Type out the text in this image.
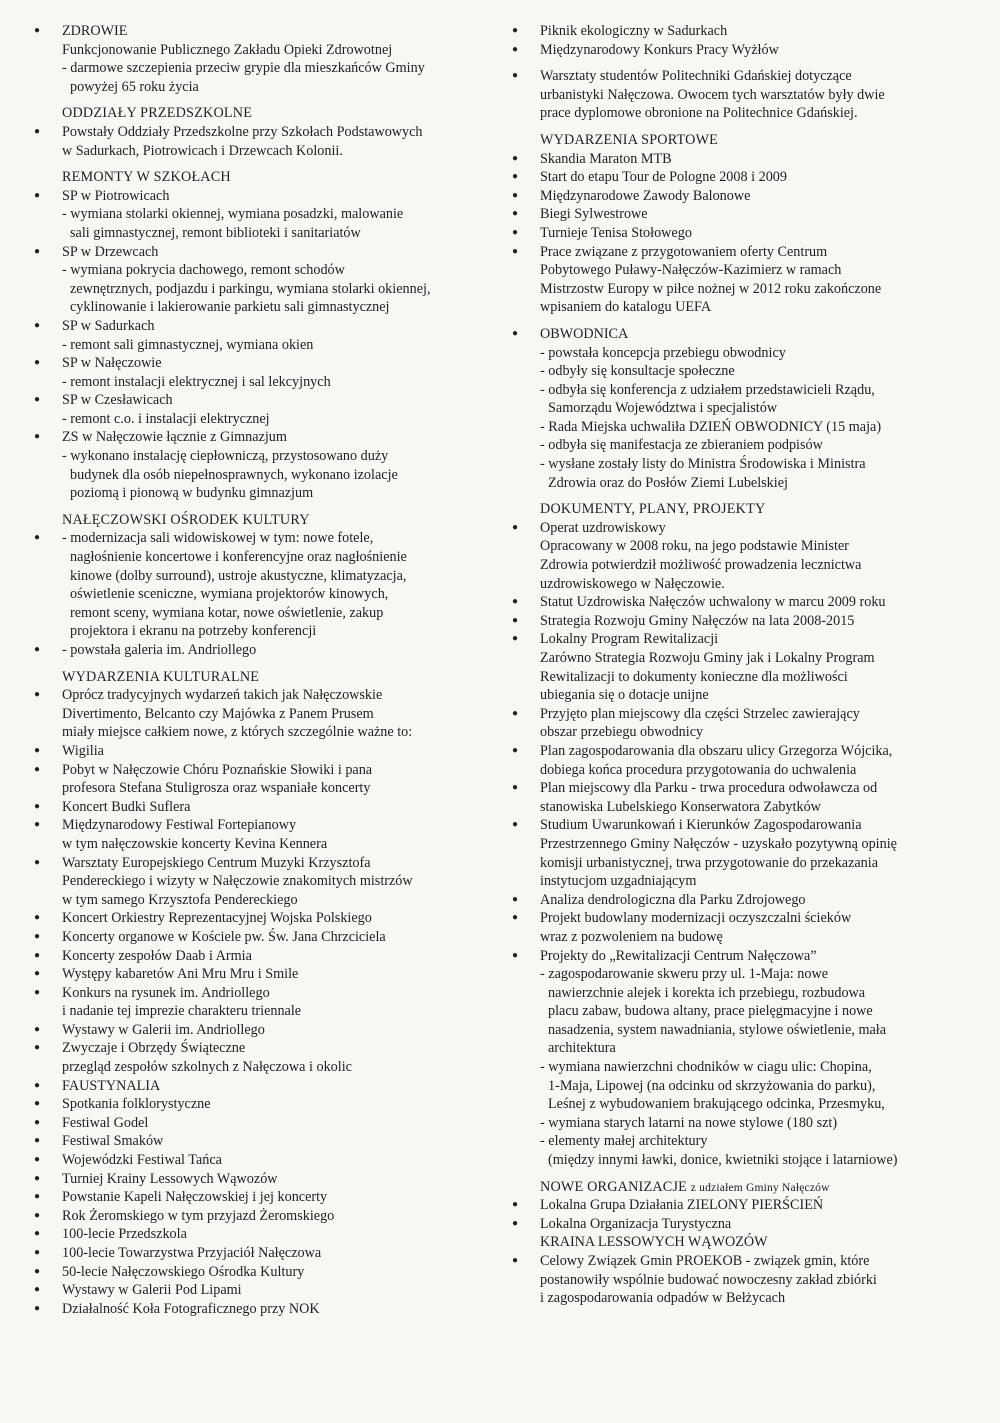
● ZDROWIE
Funkcjonowanie Publicznego Zakładu Opieki Zdrowotnej
- darmowe szczepienia przeciw grypie dla mieszkańców Gminy
powyżej 65 roku życia
ODDZIAŁY PRZEDSZKOLNE
● Powstały Oddziały Przedszkolne przy Szkołach Podstawowych
w Sadurkach, Piotrowicach i Drzewcach Kolonii.
REMONTY W SZKOŁACH
● SP w Piotrowicach
- wymiana stolarki okiennej, wymiana posadzki, malowanie
sali gimnastycznej, remont biblioteki i sanitariatów
● SP w Drzewcach
- wymiana pokrycia dachowego, remont schodów
zewnętrznych, podjazdu i parkingu, wymiana stolarki okiennej,
cyklinowanie i lakierowanie parkietu sali gimnastycznej
● SP w Sadurkach
- remont sali gimnastycznej, wymiana okien
● SP w Nałęczowie
- remont instalacji elektrycznej i sal lekcyjnych
● SP w Czesławicach
- remont c.o. i instalacji elektrycznej
● ZS w Nałęczowie łącznie z Gimnazjum
- wykonano instalację ciepłowniczą, przystosowano duży
budynek dla osób niepełnosprawnych, wykonano izolacje
poziomą i pionową w budynku gimnazjum
NAŁĘCZOWSKI OŚRODEK KULTURY
● - modernizacja sali widowiskowej w tym: nowe fotele,
nagłośnienie koncertowe i konferencyjne oraz nagłośnienie
kinowe (dolby surround), ustroje akustyczne, klimatyzacja,
oświetlenie sceniczne, wymiana projektorów kinowych,
remont sceny, wymiana kotar, nowe oświetlenie, zakup
projektora i ekranu na potrzeby konferencji
● - powstała galeria im. Andriollego
WYDARZENIA KULTURALNE
● Oprócz tradycyjnych wydarzeń takich jak Nałęczowskie
Divertimento, Belcanto czy Majówka z Panem Prusem
miały miejsce całkiem nowe, z których szczególnie ważne to:
● Wigilia
● Pobyt w Nałęczowie Chóru Poznańskie Słowiki i pana
profesora Stefana Stuligrosza oraz wspaniałe koncerty
● Koncert Budki Suflera
● Międzynarodowy Festiwal Fortepianowy
w tym nałęczowskie koncerty Kevina Kennera
● Warsztaty Europejskiego Centrum Muzyki Krzysztofa
Pendereckiego i wizyty w Nałęczowie znakomitych mistrzów
w tym samego Krzysztofa Pendereckiego
● Koncert Orkiestry Reprezentacyjnej Wojska Polskiego
● Koncerty organowe w Kościele pw. Św. Jana Chrzciciela
● Koncerty zespołów Daab i Armia
● Występy kabaretów Ani Mru Mru i Smile
● Konkurs na rysunek im. Andriollego
i nadanie tej imprezie charakteru triennale
● Wystawy w Galerii im. Andriollego
● Zwyczaje i Obrzędy Świąteczne
przegląd zespołów szkolnych z Nałęczowa i okolic
● FAUSTYNALIA
● Spotkania folklorystyczne
● Festiwal Godel
● Festiwal Smaków
● Wojewódzki Festiwal Tańca
● Turniej Krainy Lessowych Wąwozów
● Powstanie Kapeli Nałęczowskiej i jej koncerty
● Rok Żeromskiego w tym przyjazd Żeromskiego
● 100-lecie Przedszkola
● 100-lecie Towarzystwa Przyjaciół Nałęczowa
● 50-lecie Nałęczowskiego Ośrodka Kultury
● Wystawy w Galerii Pod Lipami
● Działalność Koła Fotograficznego przy NOK
● Piknik ekologiczny w Sadurkach
● Międzynarodowy Konkurs Pracy Wyżłów
● Warsztaty studentów Politechniki Gdańskiej dotyczące
urbanistyki Nałęczowa. Owocem tych warsztatów były dwie
prace dyplomowe obronione na Politechnice Gdańskiej.
WYDARZENIA SPORTOWE
● Skandia Maraton MTB
● Start do etapu Tour de Pologne 2008 i 2009
● Międzynarodowe Zawody Balonowe
● Biegi Sylwestrowe
● Turnieje Tenisa Stołowego
● Prace związane z przygotowaniem oferty Centrum
Pobytowego Puławy-Nałęczów-Kazimierz w ramach
Mistrzostw Europy w piłce nożnej w 2012 roku zakończone
wpisaniem do katalogu UEFA
● OBWODNICA
- powstała koncepcja przebiegu obwodnicy
- odbyły się konsultacje społeczne
- odbyła się konferencja z udziałem przedstawicieli Rządu,
Samorządu Województwa i specjalistów
- Rada Miejska uchwaliła DZIEŃ OBWODNICY (15 maja)
- odbyła się manifestacja ze zbieraniem podpisów
- wysłane zostały listy do Ministra Środowiska i Ministra
Zdrowia oraz do Posłów Ziemi Lubelskiej
DOKUMENTY, PLANY, PROJEKTY
● Operat uzdrowiskowy
Opracowany w 2008 roku, na jego podstawie Minister
Zdrowia potwierdził możliwość prowadzenia lecznictwa
uzdrowiskowego w Nałęczowie.
● Statut Uzdrowiska Nałęczów uchwalony w marcu 2009 roku
● Strategia Rozwoju Gminy Nałęczów na lata 2008-2015
● Lokalny Program Rewitalizacji
Zarówno Strategia Rozwoju Gminy jak i Lokalny Program
Rewitalizacji to dokumenty konieczne dla możliwości
ubiegania się o dotacje unijne
● Przyjęto plan miejscowy dla części Strzelec zawierający
obszar przebiegu obwodnicy
● Plan zagospodarowania dla obszaru ulicy Grzegorza Wójcika,
dobiega końca procedura przygotowania do uchwalenia
● Plan miejscowy dla Parku - trwa procedura odwoławcza od
stanowiska Lubelskiego Konserwatora Zabytków
● Studium Uwarunkowań i Kierunków Zagospodarowania
Przestrzennego Gminy Nałęczów - uzyskało pozytywną opinię
komisji urbanistycznej, trwa przygotowanie do przekazania
instytucjom uzgadniającym
● Analiza dendrologiczna dla Parku Zdrojowego
● Projekt budowlany modernizacji oczyszczalni ścieków
wraz z pozwoleniem na budowę
● Projekty do „Rewitalizacji Centrum Nałęczowa”
- zagospodarowanie skweru przy ul. 1-Maja: nowe
nawierzchnie alejek i korekta ich przebiegu, rozbudowa
placu zabaw, budowa altany, prace pielęgmacyjne i nowe
nasadzenia, system nawadniania, stylowe oświetlenie, mała
architektura
- wymiana nawierzchni chodników w ciagu ulic: Chopina,
1-Maja, Lipowej (na odcinku od skrzyżowania do parku),
Leśnej z wybudowaniem brakującego odcinka, Przesmyku,
- wymiana starych latarni na nowe stylowe (180 szt)
- elementy małej architektury
(między innymi ławki, donice, kwietniki stojące i latarniowe)
NOWE ORGANIZACJE z udziałem Gminy Nałęczów
● Lokalna Grupa Działania ZIELONY PIERŚCIEŃ
● Lokalna Organizacja Turystyczna
KRAINA LESSOWYCH WĄWOZÓW
● Celowy Związek Gmin PROEKOB - związek gmin, które
postanowiły wspólnie budować nowoczesny zakład zbiórki
i zagospodarowania odpadów w Bełżycach
